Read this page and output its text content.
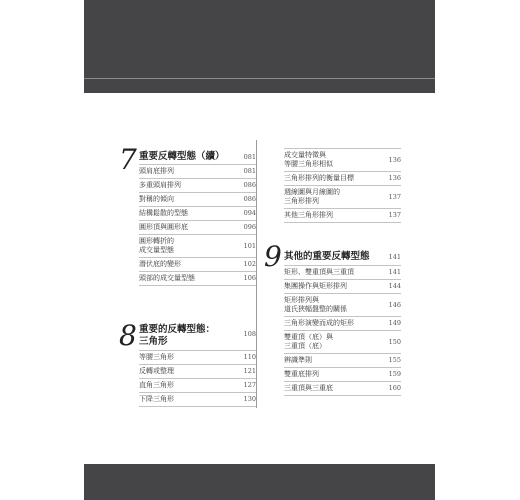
7 重要反轉型態（續）	081
頭肩底排列	081
多重頭肩排列	086
對稱的傾向	086
結構鬆散的型態	094
圓形頂與圓形底	096
圓形轉折的
成交量型態
101
潛伏底的變形	102
頭部的成交量型態	106
8 重要的反轉型態：
三角形
108
等腰三角形	110
反轉或整理	121
直角三角形	127
下降三角形	130
成交量特徵與
等腰三角形相似
136
三角形排列的衡量目標	136
週線圖與月線圖的
三角形排列
137
其他三角形排列	137
9 其他的重要反轉型態	141
矩形、雙重頂與三重頂	141
集團操作與矩形排列	144
矩形排列與
道氏狹幅盤整的關係
146
三角形演變而成的矩形	149
雙重頂（底）與
三重頂（底）
150
辨識準則	155
雙重底排列	159
三重頂與三重底	160
